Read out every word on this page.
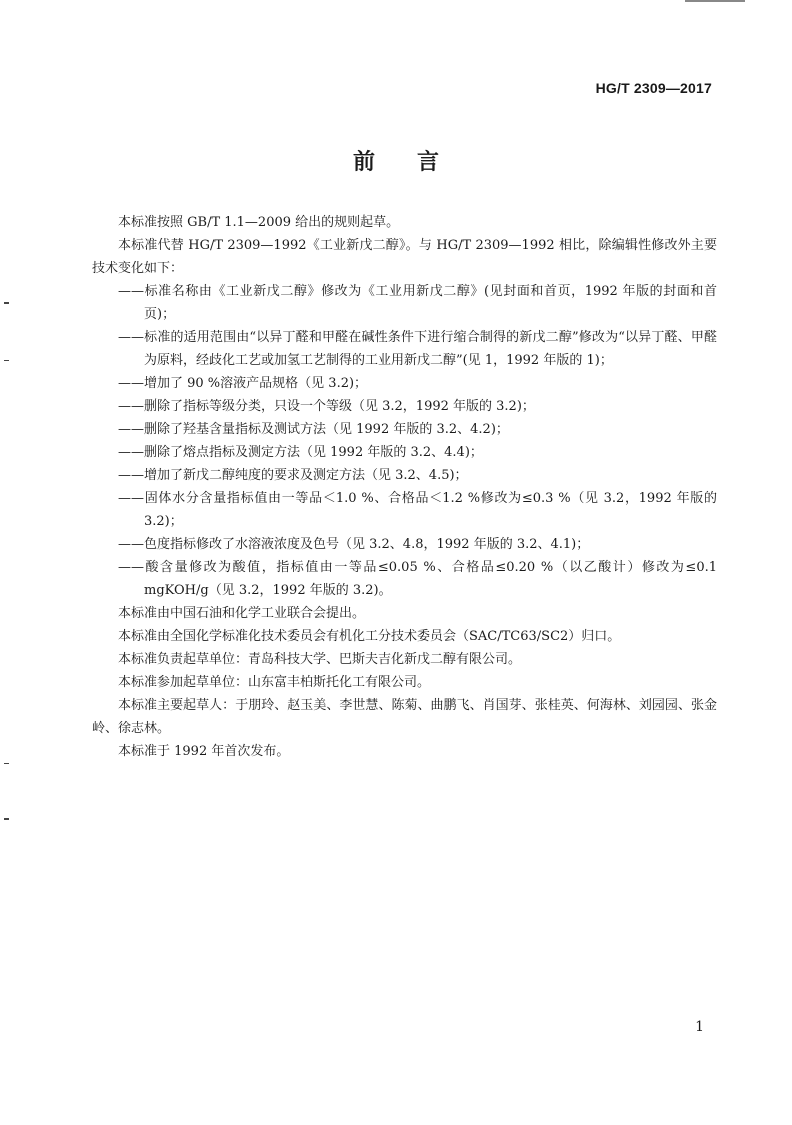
HG/T 2309—2017
前言

本标准按照 GB/T 1.1—2009 给出的规则起草。

本标准代替 HG/T 2309—1992《工业新戊二醇》。与 HG/T 2309—1992 相比，除编辑性修改外主要技术变化如下：

——标准名称由《工业新戊二醇》修改为《工业用新戊二醇》(见封面和首页，1992 年版的封面和首页)；

——标准的适用范围由“以异丁醛和甲醛在碱性条件下进行缩合制得的新戊二醇”修改为“以异丁醛、甲醛为原料，经歧化工艺或加氢工艺制得的工业用新戊二醇”(见 1，1992 年版的 1)；

——增加了 90 %溶液产品规格（见 3.2)；

——删除了指标等级分类，只设一个等级（见 3.2，1992 年版的 3.2)；

——删除了羟基含量指标及测试方法（见 1992 年版的 3.2、4.2)；

——删除了熔点指标及测定方法（见 1992 年版的 3.2、4.4)；

——增加了新戊二醇纯度的要求及测定方法（见 3.2、4.5)；

——固体水分含量指标值由一等品＜1.0 %、合格品＜1.2 %修改为≤0.3 %（见 3.2，1992 年版的 3.2)；

——色度指标修改了水溶液浓度及色号（见 3.2、4.8，1992 年版的 3.2、4.1)；

——酸含量修改为酸值，指标值由一等品≤0.05 %、合格品≤0.20 %（以乙酸计）修改为≤0.1 mgKOH/g（见 3.2，1992 年版的 3.2)。

本标准由中国石油和化学工业联合会提出。

本标准由全国化学标准化技术委员会有机化工分技术委员会（SAC/TC63/SC2）归口。

本标准负责起草单位：青岛科技大学、巴斯夫吉化新戊二醇有限公司。

本标准参加起草单位：山东富丰柏斯托化工有限公司。

本标准主要起草人：于朋玲、赵玉美、李世慧、陈菊、曲鹏飞、肖国芽、张桂英、何海林、刘园园、张金岭、徐志林。

本标准于 1992 年首次发布。

1
